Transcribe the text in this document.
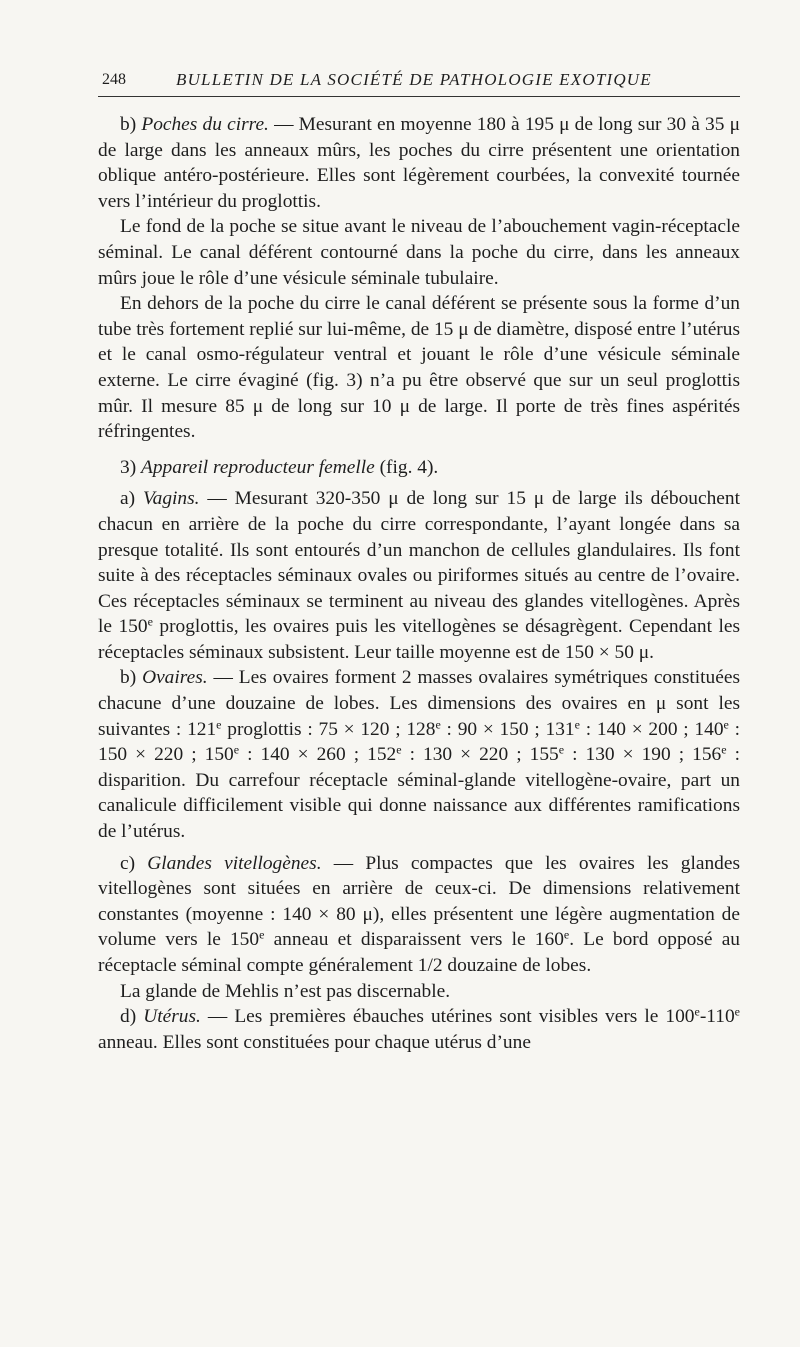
248	BULLETIN DE LA SOCIÉTÉ DE PATHOLOGIE EXOTIQUE

b) Poches du cirre. — Mesurant en moyenne 180 à 195 μ de long sur 30 à 35 μ de large dans les anneaux mûrs, les poches du cirre présentent une orientation oblique antéro-postérieure. Elles sont légèrement courbées, la convexité tournée vers l’intérieur du proglottis.

Le fond de la poche se situe avant le niveau de l’abouchement vagin-réceptacle séminal. Le canal déférent contourné dans la poche du cirre, dans les anneaux mûrs joue le rôle d’une vésicule séminale tubulaire.

En dehors de la poche du cirre le canal déférent se présente sous la forme d’un tube très fortement replié sur lui-même, de 15 μ de diamètre, disposé entre l’utérus et le canal osmo-régulateur ventral et jouant le rôle d’une vésicule séminale externe. Le cirre évaginé (fig. 3) n’a pu être observé que sur un seul proglottis mûr. Il mesure 85 μ de long sur 10 μ de large. Il porte de très fines aspérités réfringentes.

3) Appareil reproducteur femelle (fig. 4).

a) Vagins. — Mesurant 320-350 μ de long sur 15 μ de large ils débouchent chacun en arrière de la poche du cirre correspondante, l’ayant longée dans sa presque totalité. Ils sont entourés d’un manchon de cellules glandulaires. Ils font suite à des réceptacles séminaux ovales ou piriformes situés au centre de l’ovaire. Ces réceptacles séminaux se terminent au niveau des glandes vitellogènes. Après le 150e proglottis, les ovaires puis les vitellogènes se désagrègent. Cependant les réceptacles séminaux subsistent. Leur taille moyenne est de 150 × 50 μ.

b) Ovaires. — Les ovaires forment 2 masses ovalaires symétriques constituées chacune d’une douzaine de lobes. Les dimensions des ovaires en μ sont les suivantes : 121e proglottis : 75 × 120 ; 128e : 90 × 150 ; 131e : 140 × 200 ; 140e : 150 × 220 ; 150e : 140 × 260 ; 152e : 130 × 220 ; 155e : 130 × 190 ; 156e : disparition. Du carrefour réceptacle séminal-glande vitellogène-ovaire, part un canalicule difficilement visible qui donne naissance aux différentes ramifications de l’utérus.

c) Glandes vitellogènes. — Plus compactes que les ovaires les glandes vitellogènes sont situées en arrière de ceux-ci. De dimensions relativement constantes (moyenne : 140 × 80 μ), elles présentent une légère augmentation de volume vers le 150e anneau et disparaissent vers le 160e. Le bord opposé au réceptacle séminal compte généralement 1/2 douzaine de lobes.

La glande de Mehlis n’est pas discernable.

d) Utérus. — Les premières ébauches utérines sont visibles vers le 100e-110e anneau. Elles sont constituées pour chaque utérus d’une
